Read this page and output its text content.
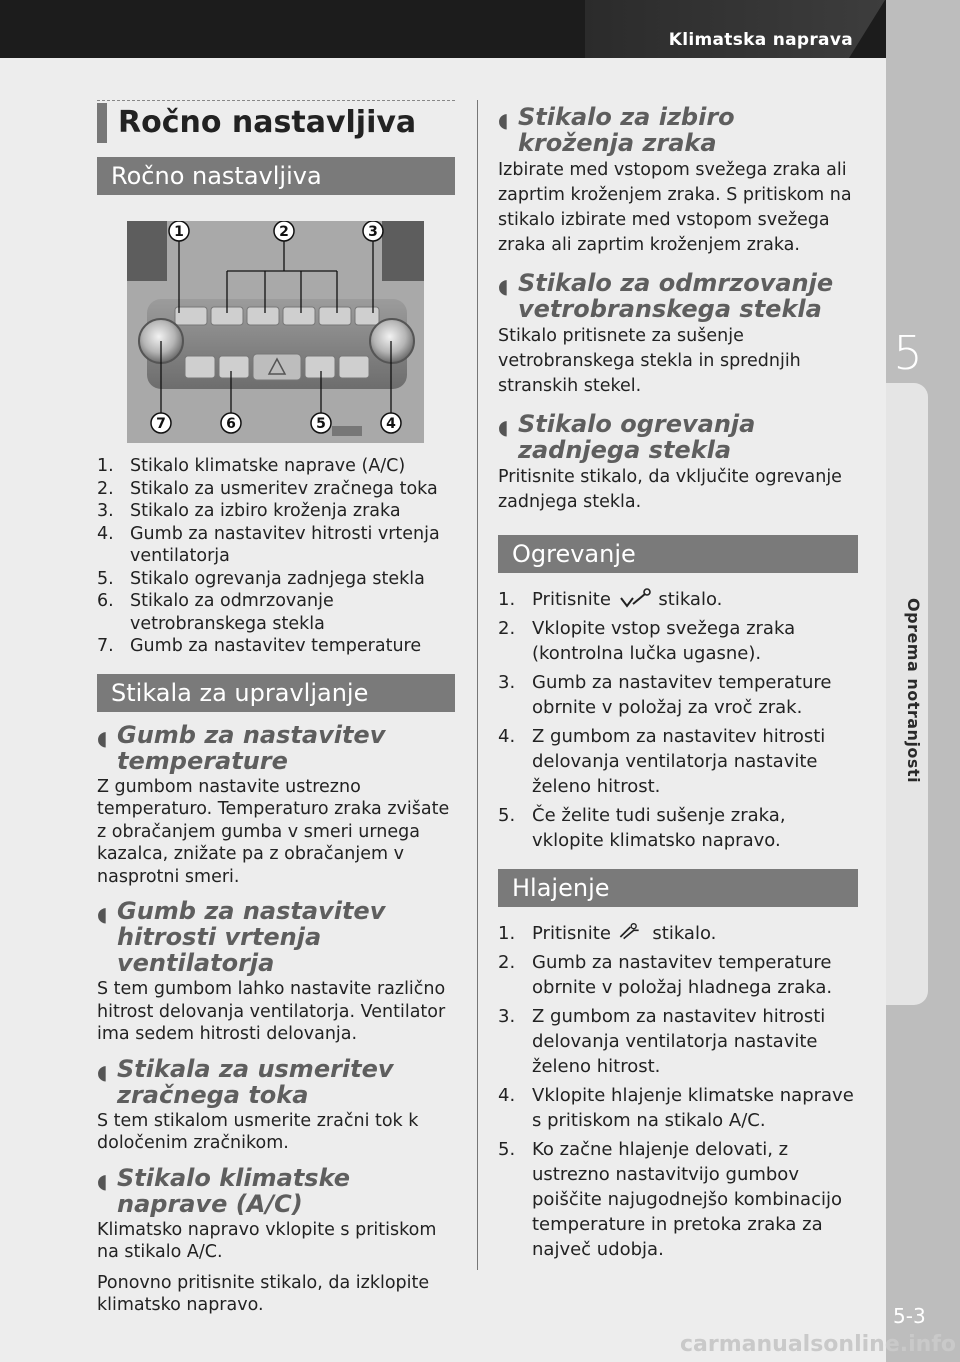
Klimatska naprava
5
Oprema notranjosti
5-3
carmanualsonline.info
Ročno nastavljiva
Ročno nastavljiva
1	2	3
4
5
6
7
1. Stikalo klimatske naprave (A/C)
2. Stikalo za usmeritev zračnega toka
3. Stikalo za izbiro kroženja zraka
4. Gumb za nastavitev hitrosti vrtenja ventilatorja
5. Stikalo ogrevanja zadnjega stekla
6. Stikalo za odmrzovanje vetrobranskega stekla
7. Gumb za nastavitev temperature
Stikala za upravljanje
◖ Gumb za nastavitev temperature
Z gumbom nastavite ustrezno temperaturo. Temperaturo zraka zvišate z obračanjem gumba v smeri urnega kazalca, znižate pa z obračanjem v nasprotni smeri.
◖ Gumb za nastavitev hitrosti vrtenja ventilatorja
S tem gumbom lahko nastavite različno hitrost delovanja ventilatorja. Ventilator ima sedem hitrosti delovanja.
◖ Stikala za usmeritev zračnega toka
S tem stikalom usmerite zračni tok k določenim zračnikom.
◖ Stikalo klimatske naprave (A/C)
Klimatsko napravo vklopite s pritiskom na stikalo A/C.
Ponovno pritisnite stikalo, da izklopite klimatsko napravo.
◖ Stikalo za izbiro kroženja zraka
Izbirate med vstopom svežega zraka ali zaprtim kroženjem zraka. S pritiskom na stikalo izbirate med vstopom svežega zraka ali zaprtim kroženjem zraka.
◖ Stikalo za odmrzovanje vetrobranskega stekla
Stikalo pritisnete za sušenje vetrobranskega stekla in sprednjih stranskih stekel.
◖ Stikalo ogrevanja zadnjega stekla
Pritisnite stikalo, da vključite ogrevanje zadnjega stekla.
Ogrevanje
1. Pritisnite	stikalo.
2. Vklopite vstop svežega zraka (kontrolna lučka ugasne).
3. Gumb za nastavitev temperature obrnite v položaj za vroč zrak.
4. Z gumbom za nastavitev hitrosti delovanja ventilatorja nastavite želeno hitrost.
5. Če želite tudi sušenje zraka, vklopite klimatsko napravo.
Hlajenje
1. Pritisnite stikalo.
2. Gumb za nastavitev temperature obrnite v položaj hladnega zraka.
3. Z gumbom za nastavitev hitrosti delovanja ventilatorja nastavite želeno hitrost.
4. Vklopite hlajenje klimatske naprave s pritiskom na stikalo A/C.
5. Ko začne hlajenje delovati, z ustrezno nastavitvijo gumbov poiščite najugodnejšo kombinacijo temperature in pretoka zraka za največ udobja.
